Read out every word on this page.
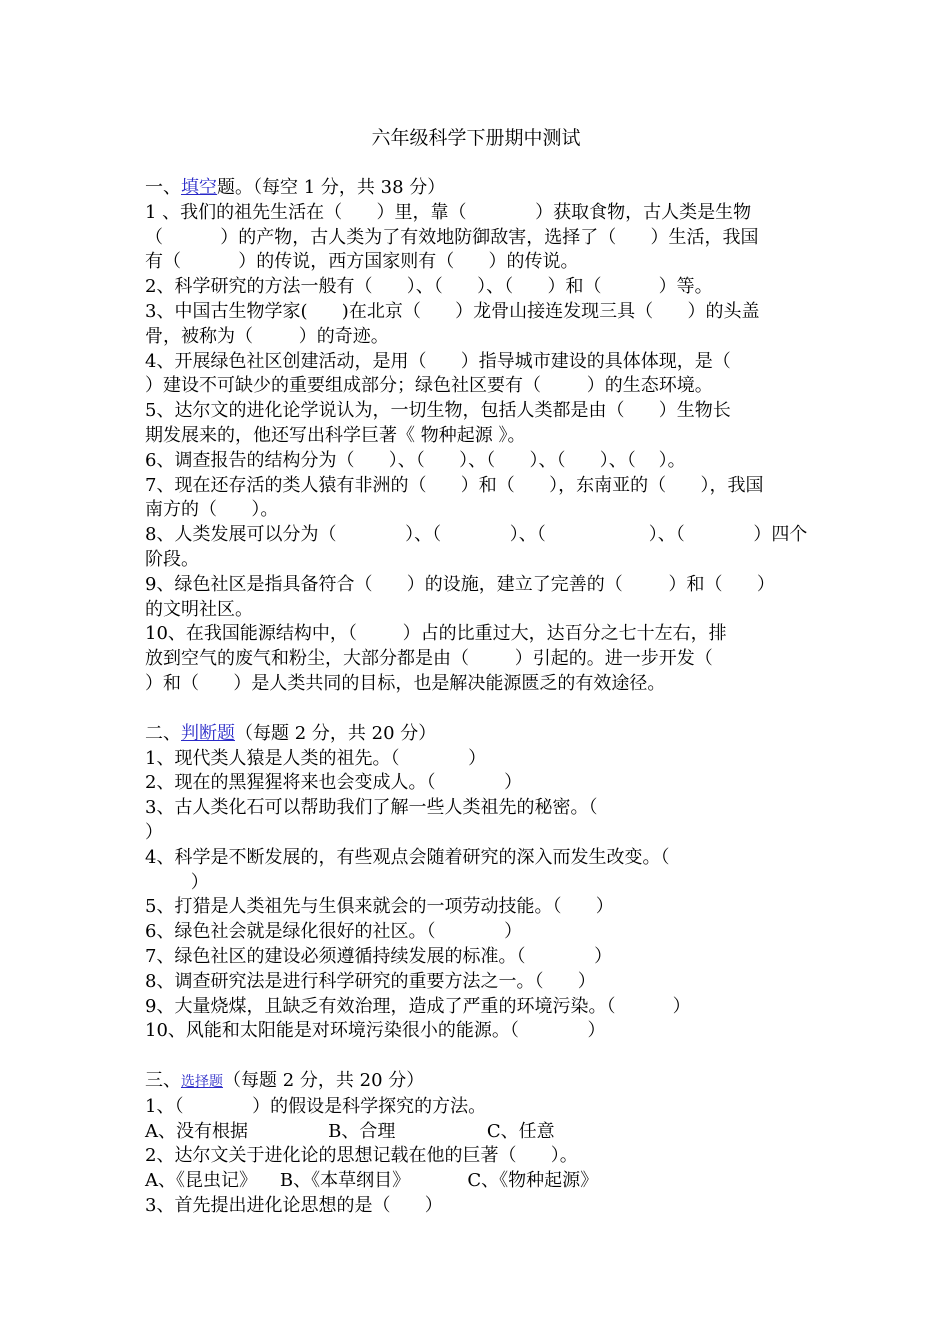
六年级科学下册期中测试
一、填空题。（每空 1 分，共 38 分）
1 、我们的祖先生活在（      ）里，靠（            ）获取食物，古人类是生物
（          ）的产物，古人类为了有效地防御敌害，选择了（      ）生活，我国
有（          ）的传说，西方国家则有（      ）的传说。
2、科学研究的方法一般有（      ）、（      ）、（      ）和（          ）等。
3、中国古生物学家(      )在北京（      ）龙骨山接连发现三具（      ）的头盖
骨，被称为（        ）的奇迹。
4、开展绿色社区创建活动，是用（      ）指导城市建设的具体体现，是（
）建设不可缺少的重要组成部分；绿色社区要有（        ）的生态环境。
5、达尔文的进化论学说认为，一切生物，包括人类都是由（      ）生物长
期发展来的，他还写出科学巨著《 物种起源 》。
6、调查报告的结构分为（      ）、（      ）、（      ）、（      ）、（    ）。
7、现在还存活的类人猿有非洲的（      ）和（      ），东南亚的（      ），我国
南方的（      ）。
8、人类发展可以分为（            ）、（            ）、（                  ）、（            ）四个
阶段。
9、绿色社区是指具备符合（      ）的设施，建立了完善的（        ）和（      ）
的文明社区。
10、在我国能源结构中，（        ）占的比重过大，达百分之七十左右，排
放到空气的废气和粉尘，大部分都是由（        ）引起的。进一步开发（
）和（      ）是人类共同的目标，也是解决能源匮乏的有效途径。
二、判断题（每题 2 分，共 20 分）
1、现代类人猿是人类的祖先。（            ）
2、现在的黑猩猩将来也会变成人。（            ）
3、古人类化石可以帮助我们了解一些人类祖先的秘密。（
）
4、科学是不断发展的，有些观点会随着研究的深入而发生改变。（
）
5、打猎是人类祖先与生俱来就会的一项劳动技能。（      ）
6、绿色社会就是绿化很好的社区。（            ）
7、绿色社区的建设必须遵循持续发展的标准。（            ）
8、调查研究法是进行科学研究的重要方法之一。（      ）
9、大量烧煤，且缺乏有效治理，造成了严重的环境污染。（          ）
10、风能和太阳能是对环境污染很小的能源。（            ）
三、选择题（每题 2 分，共 20 分）
1、（            ）的假设是科学探究的方法。
A、没有根据              B、合理                C、任意
2、达尔文关于进化论的思想记载在他的巨著（      ）。
A、《昆虫记》    B、《本草纲目》          C、《物种起源》
3、首先提出进化论思想的是（      ）
